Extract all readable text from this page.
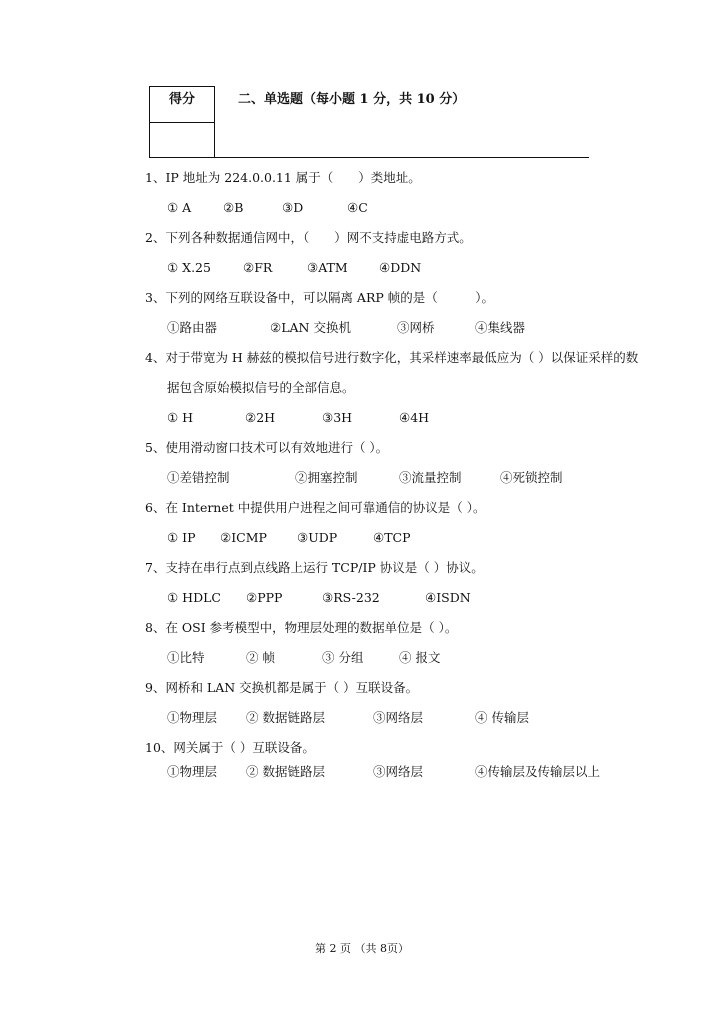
得分	二、单选题（每小题 1 分，共 10 分）
1、IP 地址为 224.0.0.11 属于（　　）类地址。
① A	②B	③D	④C
2、下列各种数据通信网中，（　　）网不支持虚电路方式。
① X.25	②FR	③ATM	④DDN
3、下列的网络互联设备中，可以隔离 ARP 帧的是（　　　）。
①路由器	②LAN 交换机	③网桥	④集线器
4、对于带宽为 H 赫兹的模拟信号进行数字化，其采样速率最低应为（ ）以保证采样的数
据包含原始模拟信号的全部信息。
① H	②2H	③3H	④4H
5、使用滑动窗口技术可以有效地进行（ ）。
①差错控制	②拥塞控制	③流量控制	④死锁控制
6、在 Internet 中提供用户进程之间可靠通信的协议是（ ）。
① IP ②ICMP ③UDP	④TCP
7、支持在串行点到点线路上运行 TCP/IP 协议是（ ）协议。
① HDLC ②PPP	③RS-232	④ISDN
8、在 OSI 参考模型中，物理层处理的数据单位是（ ）。
①比特	② 帧	③ 分组	④ 报文
9、网桥和 LAN 交换机都是属于（ ）互联设备。
①物理层 ② 数据链路层	③网络层	④ 传输层
10、网关属于（ ）互联设备。
①物理层 ② 数据链路层	③网络层	④传输层及传输层以上
第 2 页 （共 8页）
